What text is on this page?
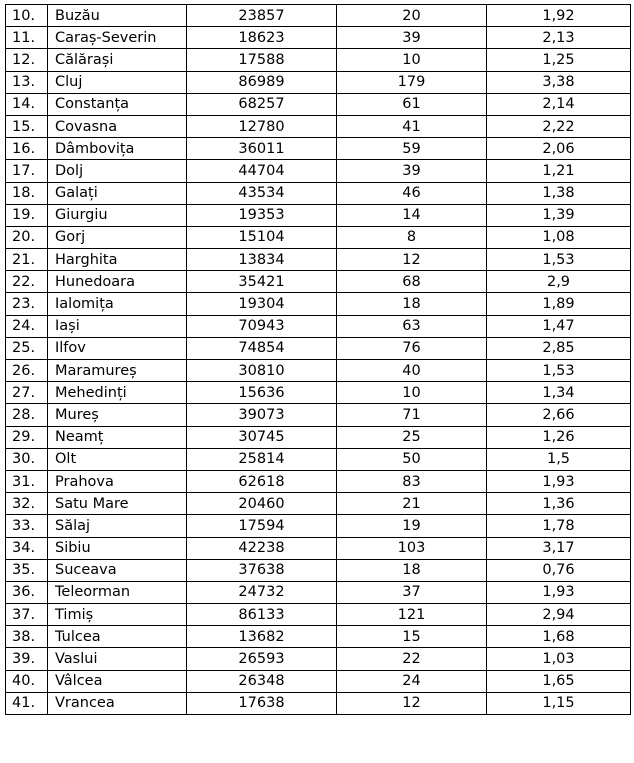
10.	Buzău	23857	20	1,92
11.	Caraș-Severin	18623	39	2,13
12.	Călărași	17588	10	1,25
13.	Cluj	86989	179	3,38
14.	Constanța	68257	61	2,14
15.	Covasna	12780	41	2,22
16.	Dâmbovița	36011	59	2,06
17.	Dolj	44704	39	1,21
18.	Galați	43534	46	1,38
19.	Giurgiu	19353	14	1,39
20.	Gorj	15104	8	1,08
21.	Harghita	13834	12	1,53
22.	Hunedoara	35421	68	2,9
23.	Ialomița	19304	18	1,89
24.	Iași	70943	63	1,47
25.	Ilfov	74854	76	2,85
26.	Maramureș	30810	40	1,53
27.	Mehedinți	15636	10	1,34
28.	Mureș	39073	71	2,66
29.	Neamț	30745	25	1,26
30.	Olt	25814	50	1,5
31.	Prahova	62618	83	1,93
32.	Satu Mare	20460	21	1,36
33.	Sălaj	17594	19	1,78
34.	Sibiu	42238	103	3,17
35.	Suceava	37638	18	0,76
36.	Teleorman	24732	37	1,93
37.	Timiș	86133	121	2,94
38.	Tulcea	13682	15	1,68
39.	Vaslui	26593	22	1,03
40.	Vâlcea	26348	24	1,65
41.	Vrancea	17638	12	1,15
